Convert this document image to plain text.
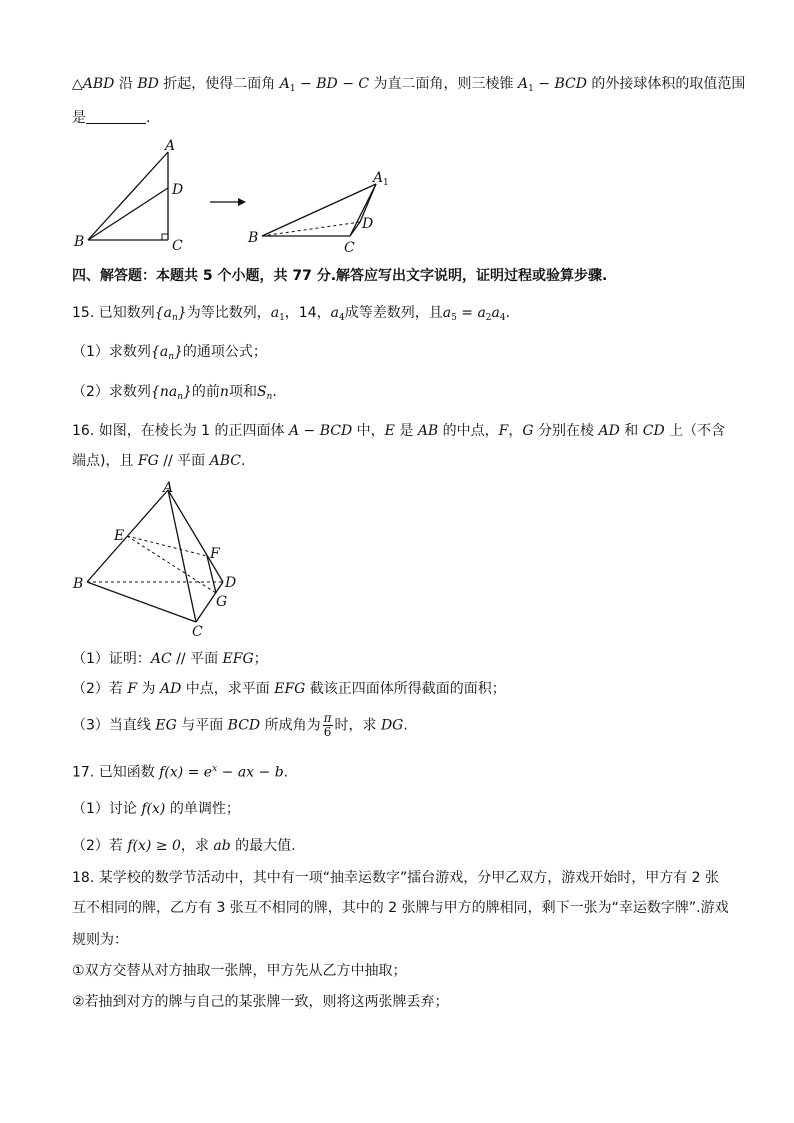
△ABD 沿 BD 折起，使得二面角 $A_1$ − BD − C 为直二面角，则三棱锥 $A_1$ − BCD 的外接球体积的取值范围
是	.
A
D
B	C
A 1
D
B
C
四、解答题：本题共 5 个小题，共 77 分.解答应写出文字说明，证明过程或验算步骤.
15. 已知数列$\{a_n\}$为等比数列，$a_1$，14，$a_4$成等差数列，且$a_5 = a_2a_4$.
（1）求数列$\{a_n\}$的通项公式；
（2）求数列$\{na_n\}$的前n项和$S_n$.
16. 如图，在棱长为 1 的正四面体 A − BCD 中，E 是 AB 的中点，F，G 分别在棱 AD 和 CD 上（不含
端点)，且 FG // 平面 ABC.
A
E
F
B	D
G
C
（1）证明：AC // 平面 EFG；
（2）若 F 为 AD 中点，求平面 EFG 截该正四面体所得截面的面积；
（3）当直线 EG 与平面 BCD 所成角为 $\frac{\pi}{6}$ 时，求 DG.
17. 已知函数 $f(x) = e^x$ − ax − b.
（1）讨论 f(x) 的单调性；
（2）若 f(x) ≥ 0，求 ab 的最大值.
18. 某学校的数学节活动中，其中有一项“抽幸运数字”擂台游戏，分甲乙双方，游戏开始时，甲方有 2 张
互不相同的牌，乙方有 3 张互不相同的牌，其中的 2 张牌与甲方的牌相同，剩下一张为“幸运数字牌”.游戏
规则为：
①双方交替从对方抽取一张牌，甲方先从乙方中抽取；
②若抽到对方的牌与自己的某张牌一致，则将这两张牌丢弃；
